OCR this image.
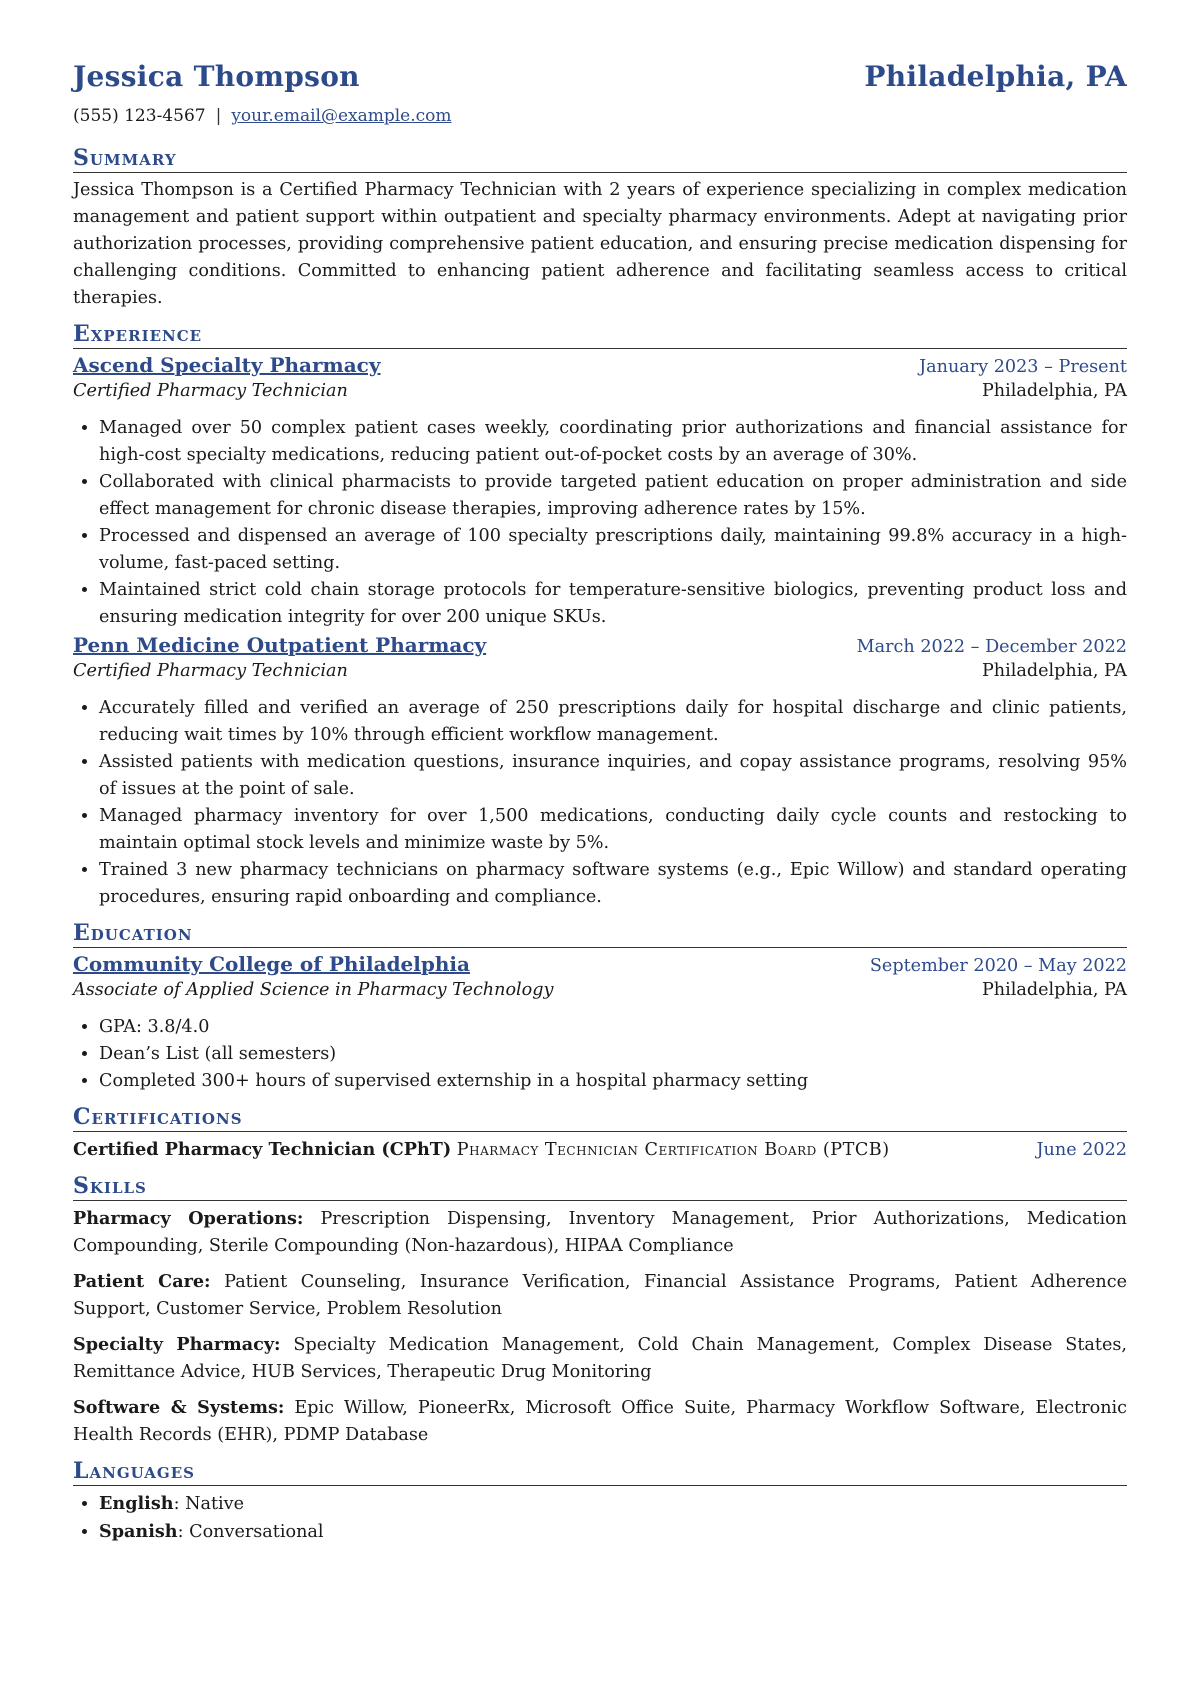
Jessica Thompson	Philadelphia, PA
(555) 123-4567 | your.email@example.com
Summary
Jessica Thompson is a Certified Pharmacy Technician with 2 years of experience specializing in complex medication management and patient support within outpatient and specialty pharmacy environments. Adept at navigating prior authorization processes, providing comprehensive patient education, and ensuring precise medication dispensing for challenging conditions. Committed to enhancing patient adherence and facilitating seamless access to critical therapies.
Experience
Ascend Specialty Pharmacy	January 2023 – Present
Certified Pharmacy Technician	Philadelphia, PA
• Managed over 50 complex patient cases weekly, coordinating prior authorizations and financial assistance for high-cost specialty medications, reducing patient out-of-pocket costs by an average of 30%.
• Collaborated with clinical pharmacists to provide targeted patient education on proper administration and side effect management for chronic disease therapies, improving adherence rates by 15%.
• Processed and dispensed an average of 100 specialty prescriptions daily, maintaining 99.8% accuracy in a high-volume, fast-paced setting.
• Maintained strict cold chain storage protocols for temperature-sensitive biologics, preventing product loss and ensuring medication integrity for over 200 unique SKUs.
Penn Medicine Outpatient Pharmacy	March 2022 – December 2022
Certified Pharmacy Technician	Philadelphia, PA
• Accurately filled and verified an average of 250 prescriptions daily for hospital discharge and clinic patients, reducing wait times by 10% through efficient workflow management.
• Assisted patients with medication questions, insurance inquiries, and copay assistance programs, resolving 95% of issues at the point of sale.
• Managed pharmacy inventory for over 1,500 medications, conducting daily cycle counts and restocking to maintain optimal stock levels and minimize waste by 5%.
• Trained 3 new pharmacy technicians on pharmacy software systems (e.g., Epic Willow) and standard operating procedures, ensuring rapid onboarding and compliance.
Education
Community College of Philadelphia	September 2020 – May 2022
Associate of Applied Science in Pharmacy Technology	Philadelphia, PA
• GPA: 3.8/4.0
• Dean’s List (all semesters)
• Completed 300+ hours of supervised externship in a hospital pharmacy setting
Certifications
Certified Pharmacy Technician (CPhT) Pharmacy Technician Certification Board (PTCB)	June 2022
Skills
Pharmacy Operations: Prescription Dispensing, Inventory Management, Prior Authorizations, Medication Compounding, Sterile Compounding (Non-hazardous), HIPAA Compliance
Patient Care: Patient Counseling, Insurance Verification, Financial Assistance Programs, Patient Adherence Support, Customer Service, Problem Resolution
Specialty Pharmacy: Specialty Medication Management, Cold Chain Management, Complex Disease States, Remittance Advice, HUB Services, Therapeutic Drug Monitoring
Software & Systems: Epic Willow, PioneerRx, Microsoft Office Suite, Pharmacy Workflow Software, Electronic Health Records (EHR), PDMP Database
Languages
• English: Native
• Spanish: Conversational
